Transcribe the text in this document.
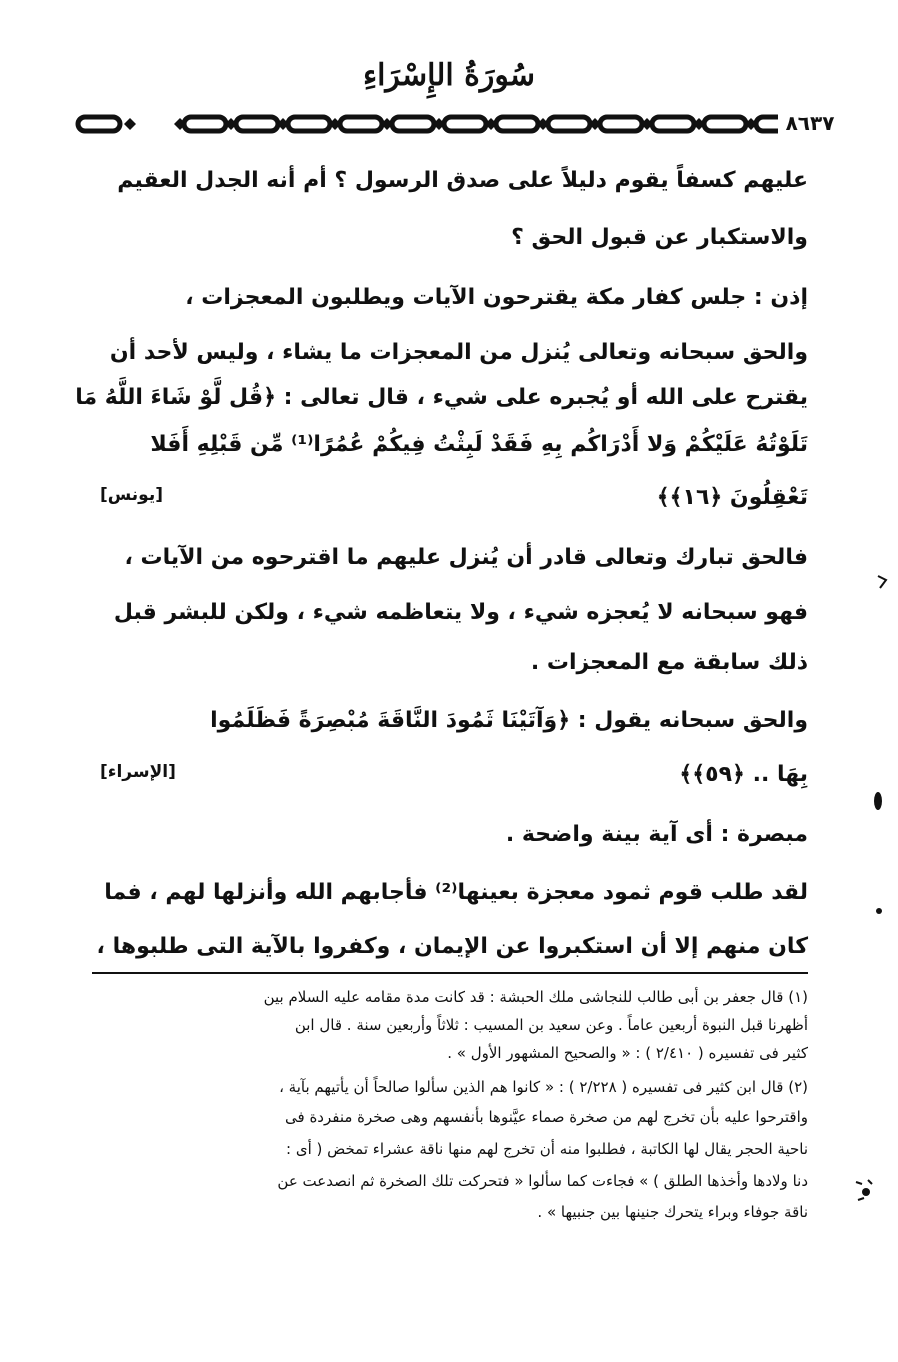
سُورَةُ الإِسْرَاءِ
٨٦٣٧
عليهم كسفاً يقوم دليلاً على صدق الرسول ؟ أم أنه الجدل العقيم
والاستكبار عن قبول الحق ؟
إذن : جلس كفار مكة يقترحون الآيات ويطلبون المعجزات ،
والحق سبحانه وتعالى يُنزل من المعجزات ما يشاء ، وليس لأحد أن
يقترح على الله أو يُجبره على شيء ، قال تعالى : ﴿قُل لَّوْ شَاءَ اللَّهُ مَا
تَلَوْتُهُ عَلَيْكُمْ وَلا أَدْرَاكُم بِهِ فَقَدْ لَبِثْتُ فِيكُمْ عُمُرًا⁽¹⁾ مِّن قَبْلِهِ أَفَلا
تَعْقِلُونَ ﴿١٦﴾﴾
[يونس]
فالحق تبارك وتعالى قادر أن يُنزل عليهم ما اقترحوه من الآيات ،
فهو سبحانه لا يُعجزه شيء ، ولا يتعاظمه شيء ، ولكن للبشر قبل
ذلك سابقة مع المعجزات .
والحق سبحانه يقول : ﴿وَآتَيْنَا ثَمُودَ النَّاقَةَ مُبْصِرَةً فَظَلَمُوا
بِهَا .. ﴿٥٩﴾﴾
[الإسراء]
مبصرة : أى آية بينة واضحة .
لقد طلب قوم ثمود معجزة بعينها⁽²⁾ فأجابهم الله وأنزلها لهم ، فما
كان منهم إلا أن استكبروا عن الإيمان ، وكفروا بالآية التى طلبوها ،
(١) قال جعفر بن أبى طالب للنجاشى ملك الحبشة : قد كانت مدة مقامه عليه السلام بين
أظهرنا قبل النبوة أربعين عاماً . وعن سعيد بن المسيب : ثلاثاً وأربعين سنة . قال ابن
كثير فى تفسيره ( ٢/٤١٠ ) : « والصحيح المشهور الأول » .
(٢) قال ابن كثير فى تفسيره ( ٢/٢٢٨ ) : « كانوا هم الذين سألوا صالحاً أن يأتيهم بآية ،
واقترحوا عليه بأن تخرج لهم من صخرة صماء عيَّنوها بأنفسهم وهى صخرة منفردة فى
ناحية الحجر يقال لها الكاتبة ، فطلبوا منه أن تخرج لهم منها ناقة عشراء تمخض ( أى :
دنا ولادها وأخذها الطلق ) » فجاءت كما سألوا « فتحركت تلك الصخرة ثم انصدعت عن
ناقة جوفاء وبراء يتحرك جنينها بين جنبيها » .
